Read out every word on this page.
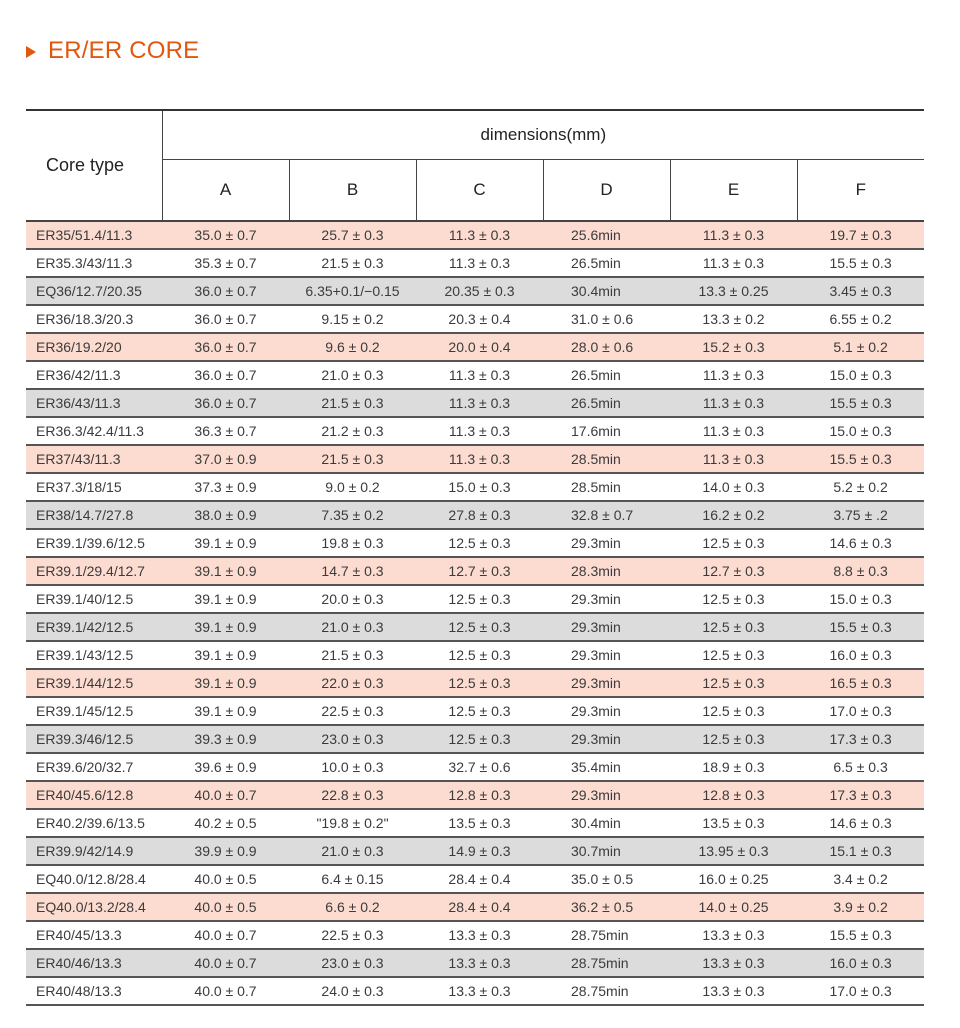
ER/ER CORE
Core type	dimensions(mm)					
	A	B	C	D	E	F
ER35/51.4/11.3	35.0 ± 0.7	25.7 ± 0.3	11.3 ± 0.3	25.6min	11.3 ± 0.3	19.7 ± 0.3
ER35.3/43/11.3	35.3 ± 0.7	21.5 ± 0.3	11.3 ± 0.3	26.5min	11.3 ± 0.3	15.5 ± 0.3
EQ36/12.7/20.35	36.0 ± 0.7	6.35+0.1/−0.15	20.35 ± 0.3	30.4min	13.3 ± 0.25	3.45 ± 0.3
ER36/18.3/20.3	36.0 ± 0.7	9.15 ± 0.2	20.3 ± 0.4	31.0 ± 0.6	13.3 ± 0.2	6.55 ± 0.2
ER36/19.2/20	36.0 ± 0.7	9.6 ± 0.2	20.0 ± 0.4	28.0 ± 0.6	15.2 ± 0.3	5.1 ± 0.2
ER36/42/11.3	36.0 ± 0.7	21.0 ± 0.3	11.3 ± 0.3	26.5min	11.3 ± 0.3	15.0 ± 0.3
ER36/43/11.3	36.0 ± 0.7	21.5 ± 0.3	11.3 ± 0.3	26.5min	11.3 ± 0.3	15.5 ± 0.3
ER36.3/42.4/11.3	36.3 ± 0.7	21.2 ± 0.3	11.3 ± 0.3	17.6min	11.3 ± 0.3	15.0 ± 0.3
ER37/43/11.3	37.0 ± 0.9	21.5 ± 0.3	11.3 ± 0.3	28.5min	11.3 ± 0.3	15.5 ± 0.3
ER37.3/18/15	37.3 ± 0.9	9.0 ± 0.2	15.0 ± 0.3	28.5min	14.0 ± 0.3	5.2 ± 0.2
ER38/14.7/27.8	38.0 ± 0.9	7.35 ± 0.2	27.8 ± 0.3	32.8 ± 0.7	16.2 ± 0.2	3.75 ± .2
ER39.1/39.6/12.5	39.1 ± 0.9	19.8 ± 0.3	12.5 ± 0.3	29.3min	12.5 ± 0.3	14.6 ± 0.3
ER39.1/29.4/12.7	39.1 ± 0.9	14.7 ± 0.3	12.7 ± 0.3	28.3min	12.7 ± 0.3	8.8 ± 0.3
ER39.1/40/12.5	39.1 ± 0.9	20.0 ± 0.3	12.5 ± 0.3	29.3min	12.5 ± 0.3	15.0 ± 0.3
ER39.1/42/12.5	39.1 ± 0.9	21.0 ± 0.3	12.5 ± 0.3	29.3min	12.5 ± 0.3	15.5 ± 0.3
ER39.1/43/12.5	39.1 ± 0.9	21.5 ± 0.3	12.5 ± 0.3	29.3min	12.5 ± 0.3	16.0 ± 0.3
ER39.1/44/12.5	39.1 ± 0.9	22.0 ± 0.3	12.5 ± 0.3	29.3min	12.5 ± 0.3	16.5 ± 0.3
ER39.1/45/12.5	39.1 ± 0.9	22.5 ± 0.3	12.5 ± 0.3	29.3min	12.5 ± 0.3	17.0 ± 0.3
ER39.3/46/12.5	39.3 ± 0.9	23.0 ± 0.3	12.5 ± 0.3	29.3min	12.5 ± 0.3	17.3 ± 0.3
ER39.6/20/32.7	39.6 ± 0.9	10.0 ± 0.3	32.7 ± 0.6	35.4min	18.9 ± 0.3	6.5 ± 0.3
ER40/45.6/12.8	40.0 ± 0.7	22.8 ± 0.3	12.8 ± 0.3	29.3min	12.8 ± 0.3	17.3 ± 0.3
ER40.2/39.6/13.5	40.2 ± 0.5	"19.8 ± 0.2"	13.5 ± 0.3	30.4min	13.5 ± 0.3	14.6 ± 0.3
ER39.9/42/14.9	39.9 ± 0.9	21.0 ± 0.3	14.9 ± 0.3	30.7min	13.95 ± 0.3	15.1 ± 0.3
EQ40.0/12.8/28.4	40.0 ± 0.5	6.4 ± 0.15	28.4 ± 0.4	35.0 ± 0.5	16.0 ± 0.25	3.4 ± 0.2
EQ40.0/13.2/28.4	40.0 ± 0.5	6.6 ± 0.2	28.4 ± 0.4	36.2 ± 0.5	14.0 ± 0.25	3.9 ± 0.2
ER40/45/13.3	40.0 ± 0.7	22.5 ± 0.3	13.3 ± 0.3	28.75min	13.3 ± 0.3	15.5 ± 0.3
ER40/46/13.3	40.0 ± 0.7	23.0 ± 0.3	13.3 ± 0.3	28.75min	13.3 ± 0.3	16.0 ± 0.3
ER40/48/13.3	40.0 ± 0.7	24.0 ± 0.3	13.3 ± 0.3	28.75min	13.3 ± 0.3	17.0 ± 0.3
